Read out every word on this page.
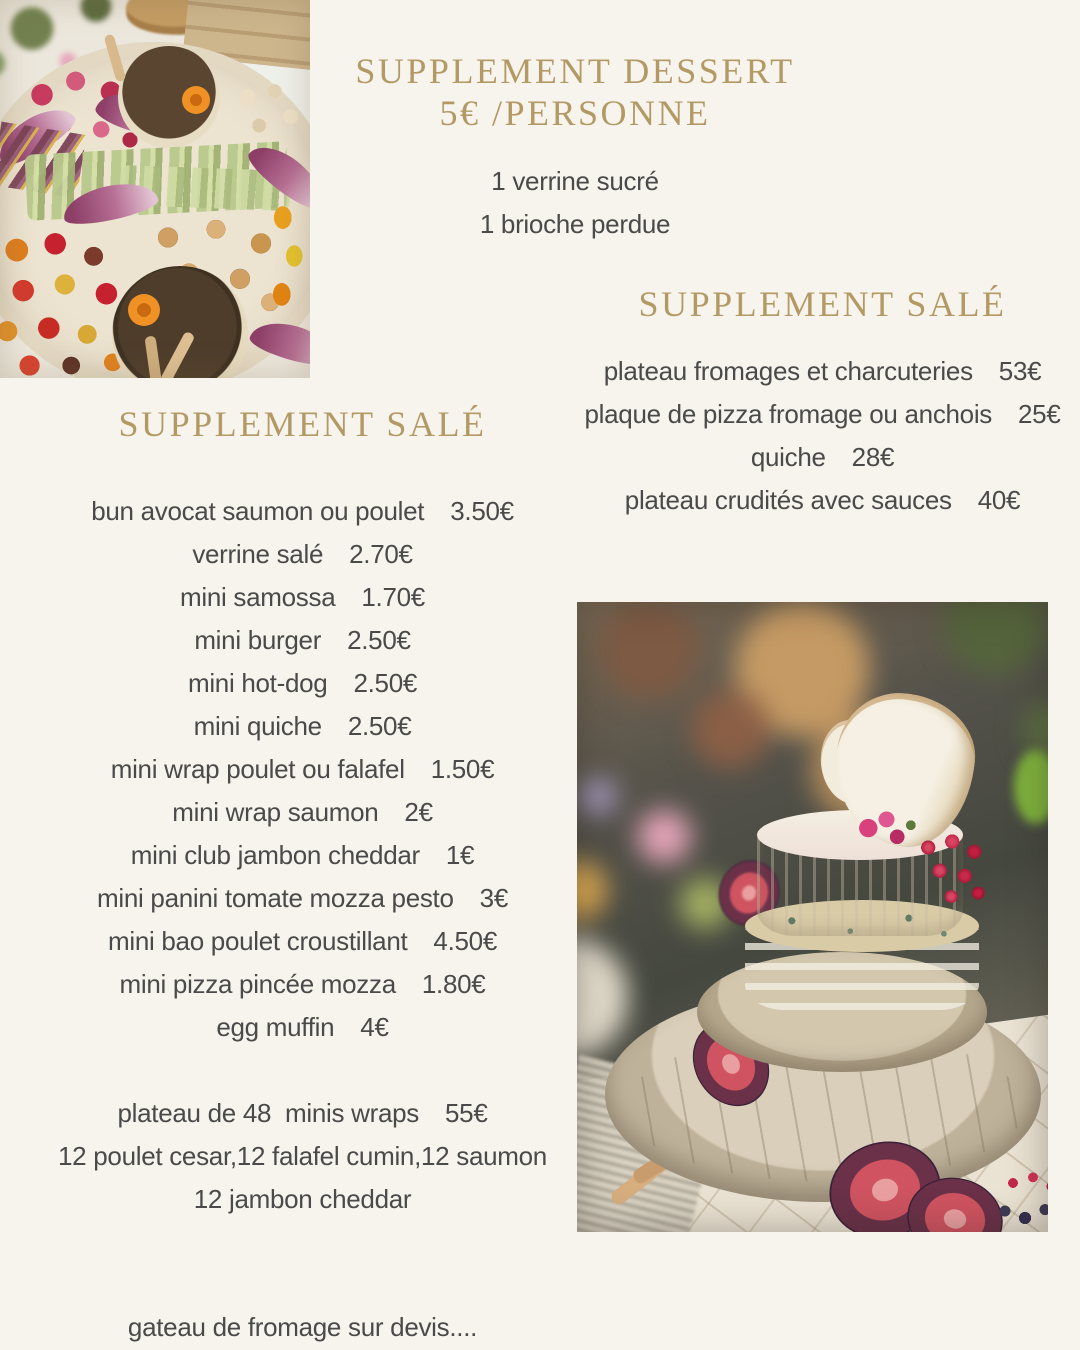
SUPPLEMENT DESSERT
5€ /PERSONNE
1 verrine sucré
1 brioche perdue
SUPPLEMENT SALÉ
plateau fromages et charcuteries 53€
plaque de pizza fromage ou anchois 25€
quiche 28€
plateau crudités avec sauces 40€
SUPPLEMENT SALÉ
bun avocat saumon ou poulet 3.50€
verrine salé 2.70€
mini samossa 1.70€
mini burger 2.50€
mini hot-dog 2.50€
mini quiche 2.50€
mini wrap poulet ou falafel 1.50€
mini wrap saumon 2€
mini club jambon cheddar 1€
mini panini tomate mozza pesto 3€
mini bao poulet croustillant 4.50€
mini pizza pincée mozza 1.80€
egg muffin 4€
plateau de 48  minis wraps 55€
12 poulet cesar,12 falafel cumin,12 saumon
12 jambon cheddar
gateau de fromage sur devis....
